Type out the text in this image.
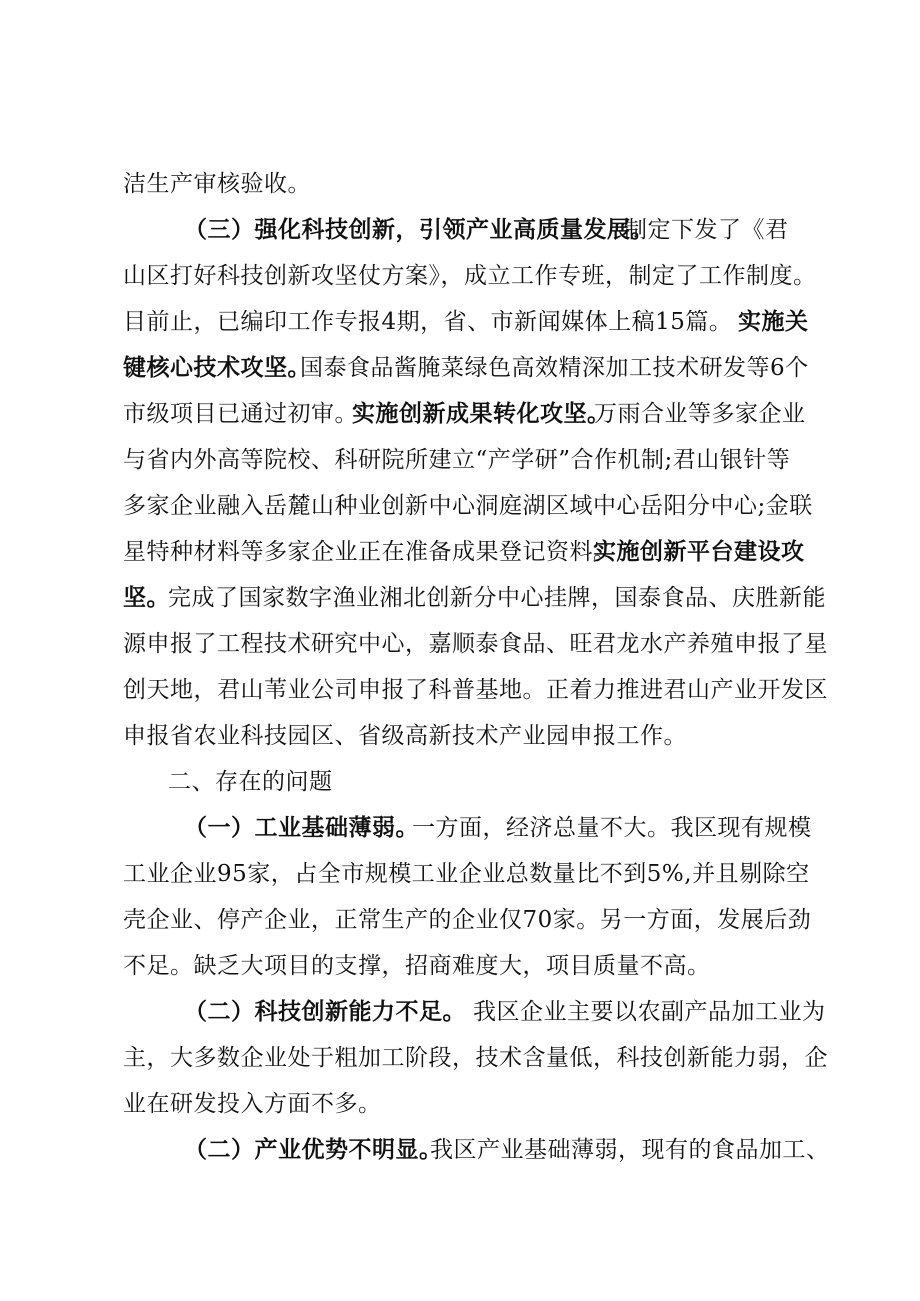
洁生产审核验收。
（三）强化科技创新，引领产业高质量发展。
制定下发了《君
山区打好科技创新攻坚仗方案》，成立工作专班，制定了工作制度。
目前止，已编印工作专报4期，省、市新闻媒体上稿15篇。 实施关
键核心技术攻坚。
国泰食品酱腌菜绿色高效精深加工技术研发等6个
市级项目已通过初审。
实施创新成果转化攻坚。
万雨合业等多家企业
与省内外高等院校、科研院所建立“产学研”合作机制;君山银针等
多家企业融入岳麓山种业创新中心洞庭湖区域中心岳阳分中心;金联
星特种材料等多家企业正在准备成果登记资料。
实施创新平台建设攻
坚。
完成了国家数字渔业湘北创新分中心挂牌，国泰食品、庆胜新能
源申报了工程技术研究中心，嘉顺泰食品、旺君龙水产养殖申报了星
创天地，君山苇业公司申报了科普基地。正着力推进君山产业开发区
申报省农业科技园区、省级高新技术产业园申报工作。
二、存在的问题
（一）工业基础薄弱。
一方面，经济总量不大。我区现有规模
工业企业95家，占全市规模工业企业总数量比不到5%,并且剔除空
壳企业、停产企业，正常生产的企业仅70家。另一方面，发展后劲
不足。缺乏大项目的支撑，招商难度大，项目质量不高。
（二）科技创新能力不足。 我区企业主要以农副产品加工业为
主，大多数企业处于粗加工阶段，技术含量低，科技创新能力弱，企
业在研发投入方面不多。
（二）产业优势不明显。
我区产业基础薄弱，现有的食品加工、
